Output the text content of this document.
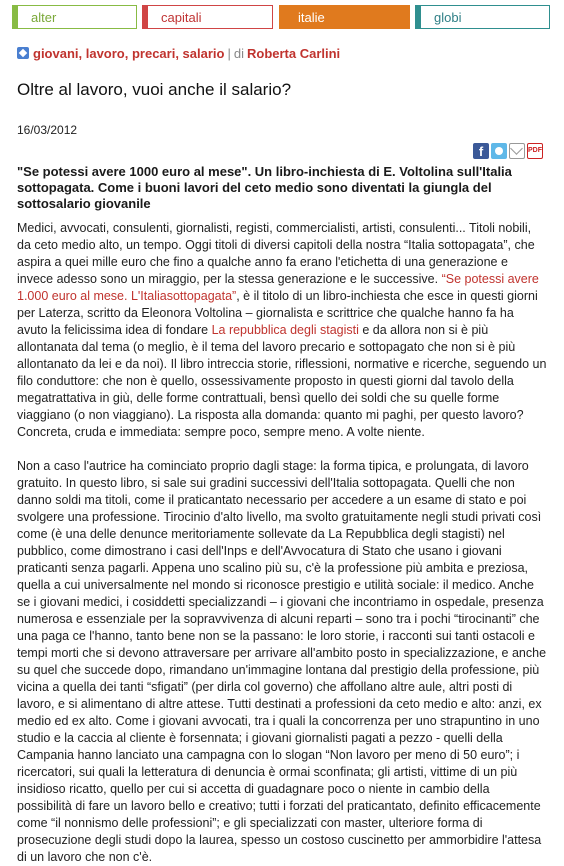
alter	capitali	italie	globi
giovani, lavoro, precari, salario | di Roberta Carlini
Oltre al lavoro, vuoi anche il salario?
16/03/2012
f	PDF

"Se potessi avere 1000 euro al mese". Un libro-inchiesta di E. Voltolina sull'Italia sottopagata. Come i buoni lavori del ceto medio sono diventati la giungla del sottosalario giovanile

Medici, avvocati, consulenti, giornalisti, registi, commercialisti, artisti, consulenti... Titoli nobili, da ceto medio alto, un tempo. Oggi titoli di diversi capitoli della nostra “Italia sottopagata”, che aspira a quei mille euro che fino a qualche anno fa erano l'etichetta di una generazione e invece adesso sono un miraggio, per la stessa generazione e le successive. “Se potessi avere 1.000 euro al mese. L'Italiasottopagata”, è il titolo di un libro-inchiesta che esce in questi giorni per Laterza, scritto da Eleonora Voltolina – giornalista e scrittrice che qualche hanno fa ha avuto la felicissima idea di fondare La repubblica degli stagisti e da allora non si è più allontanata dal tema (o meglio, è il tema del lavoro precario e sottopagato che non si è più allontanato da lei e da noi). Il libro intreccia storie, riflessioni, normative e ricerche, seguendo un filo conduttore: che non è quello, ossessivamente proposto in questi giorni dal tavolo della megatrattativa in giù, delle forme contrattuali, bensì quello dei soldi che su quelle forme viaggiano (o non viaggiano). La risposta alla domanda: quanto mi paghi, per questo lavoro? Concreta, cruda e immediata: sempre poco, sempre meno. A volte niente.

Non a caso l'autrice ha cominciato proprio dagli stage: la forma tipica, e prolungata, di lavoro gratuito. In questo libro, si sale sui gradini successivi dell'Italia sottopagata. Quelli che non danno soldi ma titoli, come il praticantato necessario per accedere a un esame di stato e poi svolgere una professione. Tirocinio d'alto livello, ma svolto gratuitamente negli studi privati così come (è una delle denunce meritoriamente sollevate da La Repubblica degli stagisti) nel pubblico, come dimostrano i casi dell'Inps e dell'Avvocatura di Stato che usano i giovani praticanti senza pagarli. Appena uno scalino più su, c'è la professione più ambita e preziosa, quella a cui universalmente nel mondo si riconosce prestigio e utilità sociale: il medico. Anche se i giovani medici, i cosiddetti specializzandi – i giovani che incontriamo in ospedale, presenza numerosa e essenziale per la sopravvivenza di alcuni reparti – sono tra i pochi “tirocinanti” che una paga ce l'hanno, tanto bene non se la passano: le loro storie, i racconti sui tanti ostacoli e tempi morti che si devono attraversare per arrivare all'ambito posto in specializzazione, e anche su quel che succede dopo, rimandano un'immagine lontana dal prestigio della professione, più vicina a quella dei tanti “sfigati” (per dirla col governo) che affollano altre aule, altri posti di lavoro, e si alimentano di altre attese. Tutti destinati a professioni da ceto medio e alto: anzi, ex medio ed ex alto. Come i giovani avvocati, tra i quali la concorrenza per uno strapuntino in uno studio e la caccia al cliente è forsennata; i giovani giornalisti pagati a pezzo - quelli della Campania hanno lanciato una campagna con lo slogan “Non lavoro per meno di 50 euro”; i ricercatori, sui quali la letteratura di denuncia è ormai sconfinata; gli artisti, vittime di un più insidioso ricatto, quello per cui si accetta di guadagnare poco o niente in cambio della possibilità di fare un lavoro bello e creativo; tutti i forzati del praticantato, definito efficacemente come “il nonnismo delle professioni”; e gli specializzati con master, ulteriore forma di prosecuzione degli studi dopo la laurea, spesso un costoso cuscinetto per ammorbidire l'attesa di un lavoro che non c'è.
